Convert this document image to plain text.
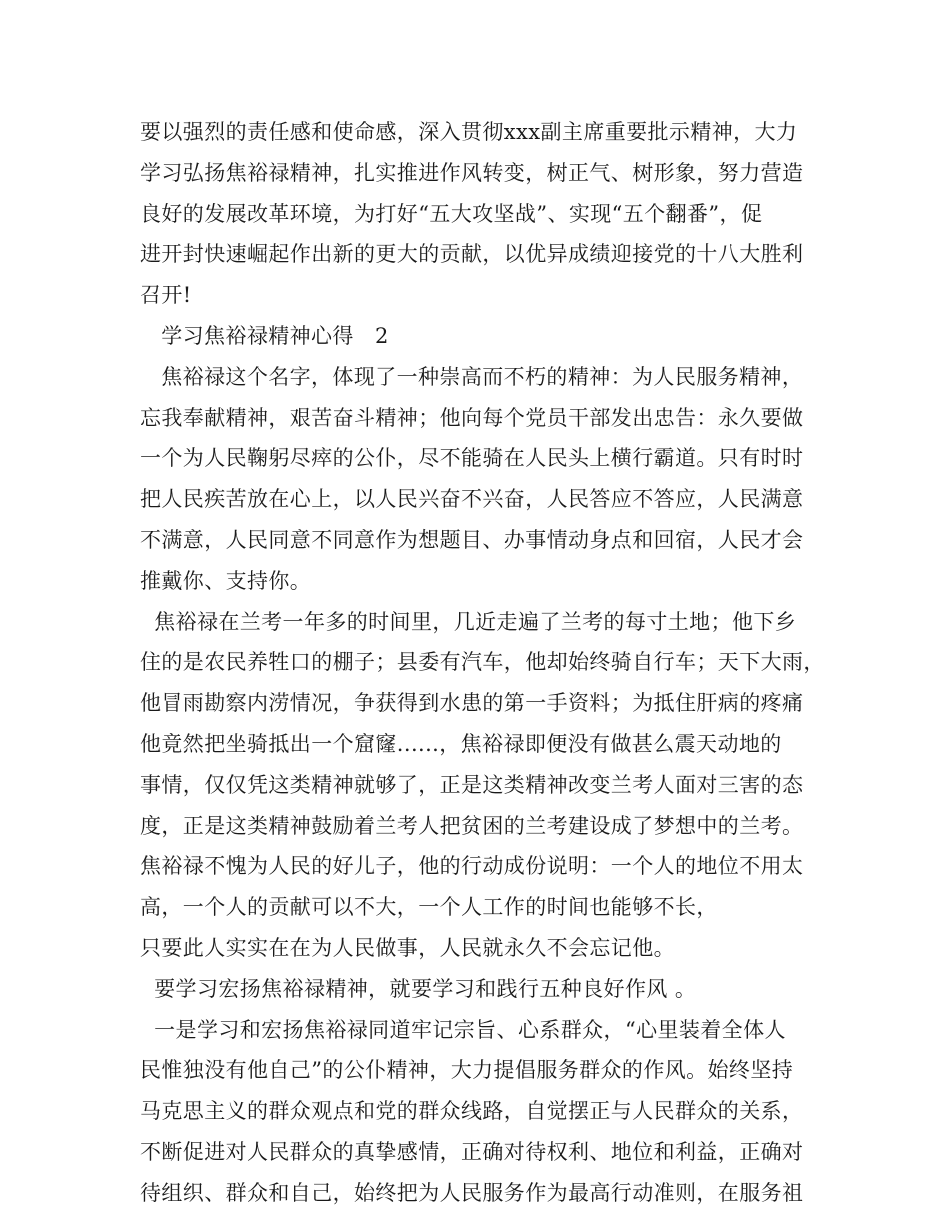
要以强烈的责任感和使命感，深入贯彻xxx副主席重要批示精神，大力
学习弘扬焦裕禄精神，扎实推进作风转变，树正气、树形象，努力营造
良好的发展改革环境，为打好“五大攻坚战”、实现“五个翻番”，促
进开封快速崛起作出新的更大的贡献，以优异成绩迎接党的十八大胜利
召开!
学习焦裕禄精神心得   2
焦裕禄这个名字，体现了一种崇高而不朽的精神：为人民服务精神，
忘我奉献精神，艰苦奋斗精神；他向每个党员干部发出忠告：永久要做
一个为人民鞠躬尽瘁的公仆，尽不能骑在人民头上横行霸道。只有时时
把人民疾苦放在心上，以人民兴奋不兴奋，人民答应不答应，人民满意
不满意，人民同意不同意作为想题目、办事情动身点和回宿，人民才会
推戴你、支持你。
焦裕禄在兰考一年多的时间里，几近走遍了兰考的每寸土地；他下乡
住的是农民养牲口的棚子；县委有汽车，他却始终骑自行车；天下大雨，
他冒雨勘察内涝情况，争获得到水患的第一手资料；为抵住肝病的疼痛
他竟然把坐骑抵出一个窟窿......，焦裕禄即便没有做甚么震天动地的
事情，仅仅凭这类精神就够了，正是这类精神改变兰考人面对三害的态
度，正是这类精神鼓励着兰考人把贫困的兰考建设成了梦想中的兰考。
焦裕禄不愧为人民的好儿子，他的行动成份说明：一个人的地位不用太
高，一个人的贡献可以不大，一个人工作的时间也能够不长，
只要此人实实在在为人民做事，人民就永久不会忘记他。
要学习宏扬焦裕禄精神，就要学习和践行五种良好作风 。
一是学习和宏扬焦裕禄同道牢记宗旨、心系群众，“心里装着全体人
民惟独没有他自己”的公仆精神，大力提倡服务群众的作风。始终坚持
马克思主义的群众观点和党的群众线路，自觉摆正与人民群众的关系，
不断促进对人民群众的真挚感情，正确对待权利、地位和利益，正确对
待组织、群众和自己，始终把为人民服务作为最高行动准则，在服务祖
